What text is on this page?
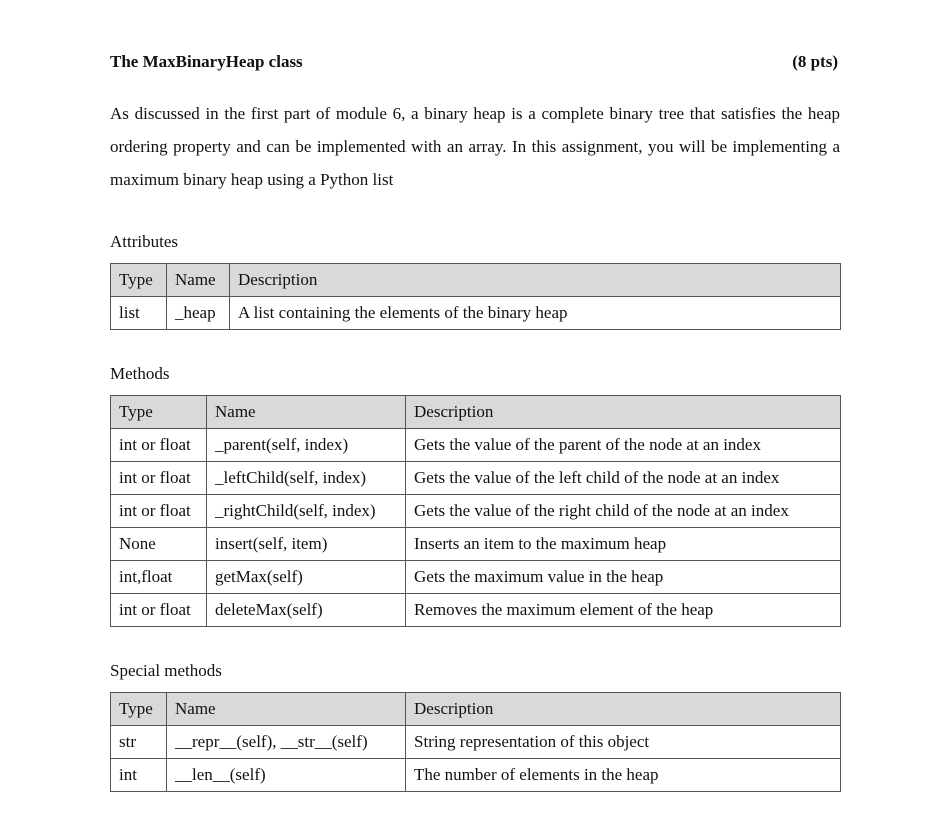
The MaxBinaryHeap class	(8 pts)

As discussed in the first part of module 6, a binary heap is a complete binary tree that satisfies the heap ordering property and can be implemented with an array. In this assignment, you will be implementing a maximum binary heap using a Python list

Attributes
Type	Name	Description
list	_heap	A list containing the elements of the binary heap
Methods
Type	Name	Description
int or float	_parent(self, index)	Gets the value of the parent of the node at an index
int or float	_leftChild(self, index)	Gets the value of the left child of the node at an index
int or float	_rightChild(self, index)	Gets the value of the right child of the node at an index
None	insert(self, item)	Inserts an item to the maximum heap
int,float	getMax(self)	Gets the maximum value in the heap
int or float	deleteMax(self)	Removes the maximum element of the heap
Special methods
Type	Name	Description
str	__repr__(self), __str__(self)	String representation of this object
int	__len__(self)	The number of elements in the heap
